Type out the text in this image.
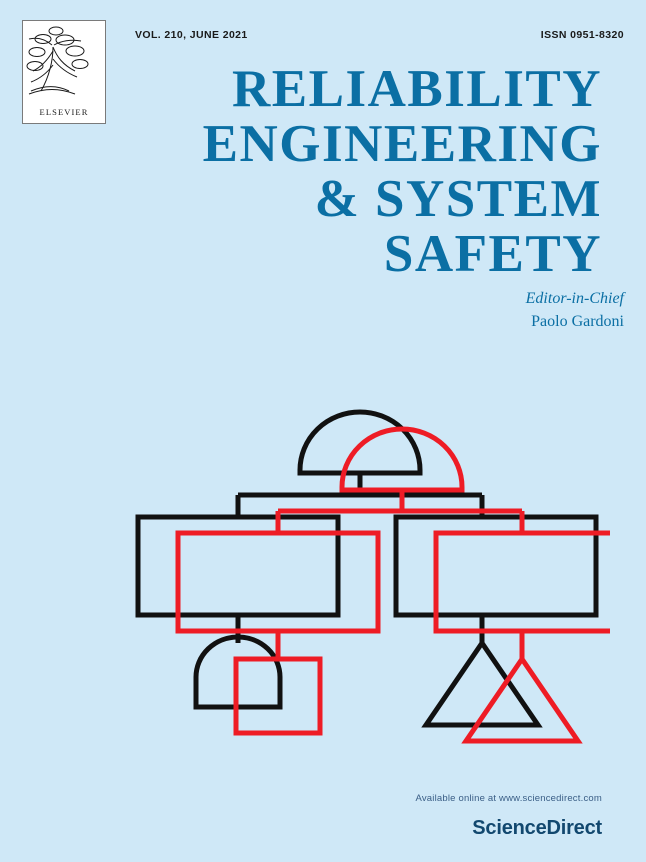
ELSEVIER
VOL. 210, JUNE 2021	ISSN 0951-8320
RELIABILITY
ENGINEERING
& SYSTEM
SAFETY
Editor-in-Chief
Paolo Gardoni
Available online at www.sciencedirect.com
ScienceDirect
